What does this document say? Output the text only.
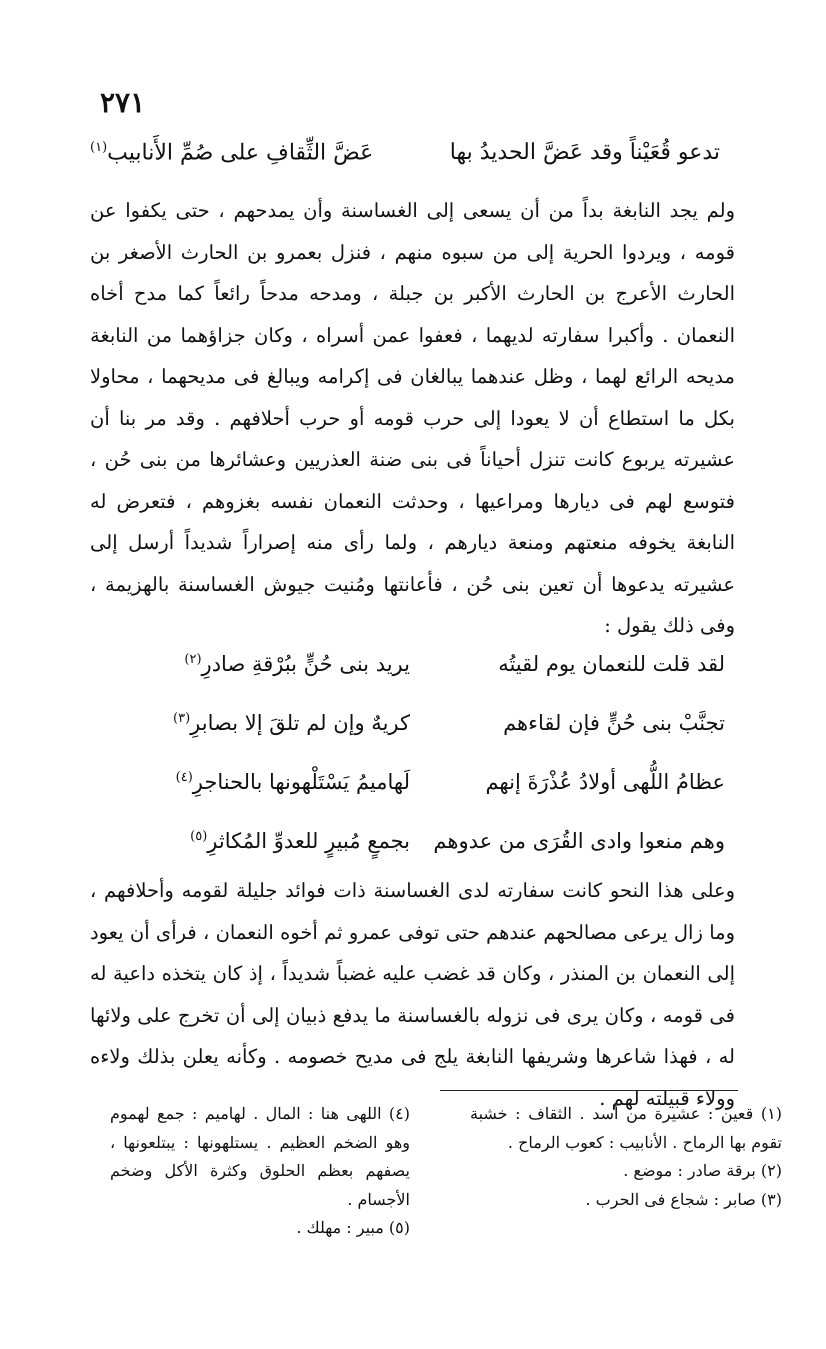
٢٧١
تدعو قُعَيْناً وقد عَضَّ الحديدُ بها
عَضَّ الثِّقافِ على صُمِّ الأَنابيب$^{(١)}$

ولم يجد النابغة بداً من أن يسعى إلى الغساسنة وأن يمدحهم ، حتى يكفوا عن قومه ، ويردوا الحرية إلى من سبوه منهم ، فنزل بعمرو بن الحارث الأصغر بن الحارث الأعرج بن الحارث الأكبر بن جبلة ، ومدحه مدحاً رائعاً كما مدح أخاه النعمان . وأكبرا سفارته لديهما ، فعفوا عمن أسراه ، وكان جزاؤهما من النابغة مديحه الرائع لهما ، وظل عندهما يبالغان فى إكرامه ويبالغ فى مديحهما ، محاولا بكل ما استطاع أن لا يعودا إلى حرب قومه أو حرب أحلافهم . وقد مر بنا أن عشيرته يربوع كانت تنزل أحياناً فى بنى ضنة العذريين وعشائرها من بنى حُن ، فتوسع لهم فى ديارها ومراعيها ، وحدثت النعمان نفسه بغزوهم ، فتعرض له النابغة يخوفه منعتهم ومنعة ديارهم ، ولما رأى منه إصراراً شديداً أرسل إلى عشيرته يدعوها أن تعين بنى حُن ، فأعانتها ومُنيت جيوش الغساسنة بالهزيمة ، وفى ذلك يقول :

لقد قلت للنعمان يوم لقيتُه
يريد بنى حُنٍّ ببُرْقةِ صادرِ$^{(٢)}$
تجنَّبْ بنى حُنٍّ فإن لقاءهم
كريهٌ وإن لم تلقَ إلا بصابرِ$^{(٣)}$
عظامُ اللُّهى أولادُ عُذْرَةَ إنهم
لَهاميمُ يَسْتَلْهونها بالحناجرِ$^{(٤)}$
وهم منعوا وادى القُرَى من عدوهم
بجمعٍ مُبيرٍ للعدوِّ المُكاثرِ$^{(٥)}$

وعلى هذا النحو كانت سفارته لدى الغساسنة ذات فوائد جليلة لقومه وأحلافهم ، وما زال يرعى مصالحهم عندهم حتى توفى عمرو ثم أخوه النعمان ، فرأى أن يعود إلى النعمان بن المنذر ، وكان قد غضب عليه غضباً شديداً ، إذ كان يتخذه داعية له فى قومه ، وكان يرى فى نزوله بالغساسنة ما يدفع ذبيان إلى أن تخرج على ولائها له ، فهذا شاعرها وشريفها النابغة يلج فى مديح خصومه . وكأنه يعلن بذلك ولاءه وولاء قبيلته لهم .

(١) قعين : عشيرة من أسد . الثقاف : خشبة تقوم بها الرماح . الأنابيب : كعوب الرماح .

(٢) برقة صادر : موضع .

(٣) صابر : شجاع فى الحرب .

(٤) اللهى هنا : المال . لهاميم : جمع لهموم وهو الضخم العظيم . يستلهونها : يبتلعونها ، يصفهم بعظم الحلوق وكثرة الأكل وضخم الأجسام .

(٥) مبير : مهلك .
